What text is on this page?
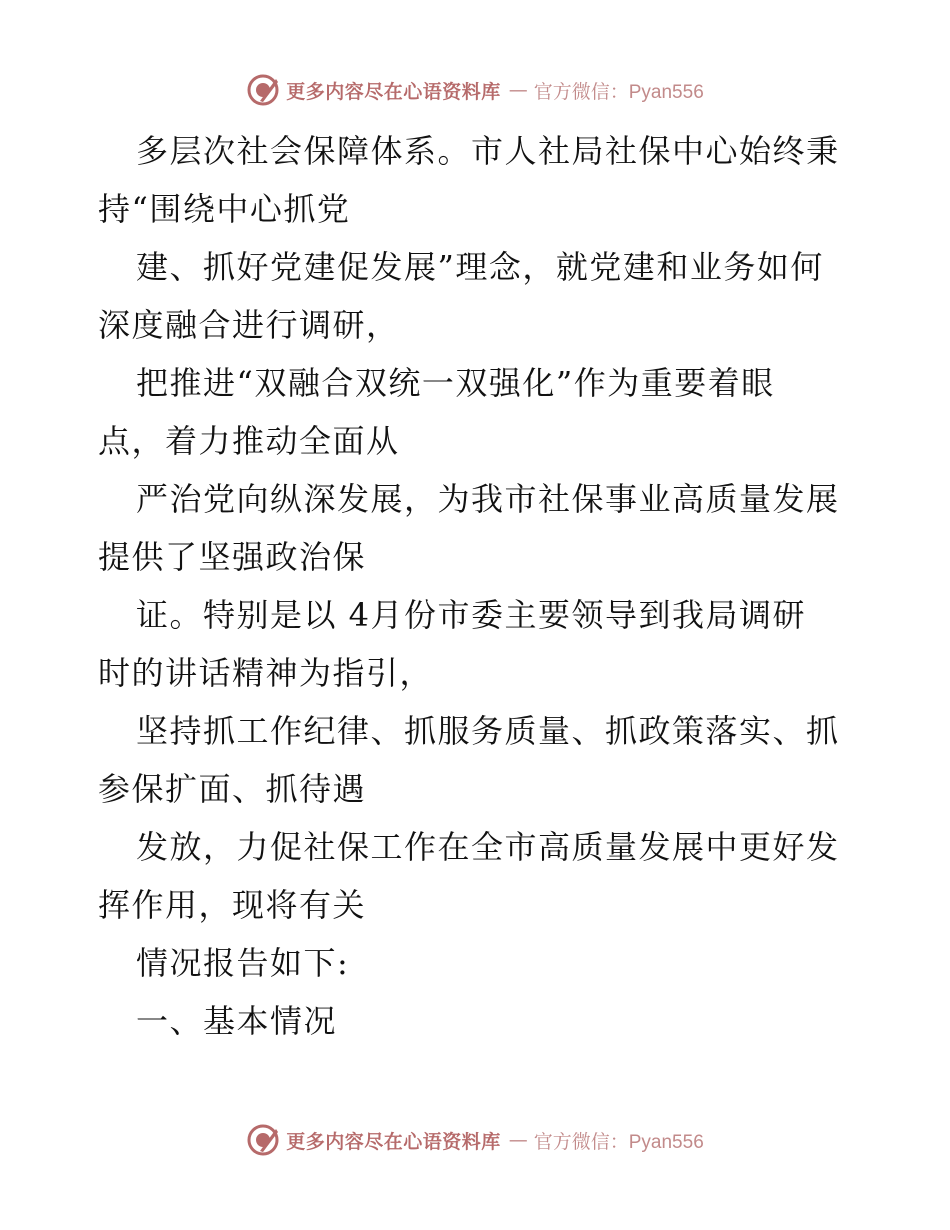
更多内容尽在心语资料库 — 官方微信：Pyan556
多层次社会保障体系。市人社局社保中心始终秉
持“围绕中心抓党
建、抓好党建促发展”理念，就党建和业务如何
深度融合进行调研，
把推进“双融合双统一双强化”作为重要着眼
点，着力推动全面从
严治党向纵深发展，为我市社保事业高质量发展
提供了坚强政治保
证。特别是以 4月份市委主要领导到我局调研
时的讲话精神为指引，
坚持抓工作纪律、抓服务质量、抓政策落实、抓
参保扩面、抓待遇
发放，力促社保工作在全市高质量发展中更好发
挥作用，现将有关
情况报告如下:
一、基本情况
更多内容尽在心语资料库 — 官方微信：Pyan556
